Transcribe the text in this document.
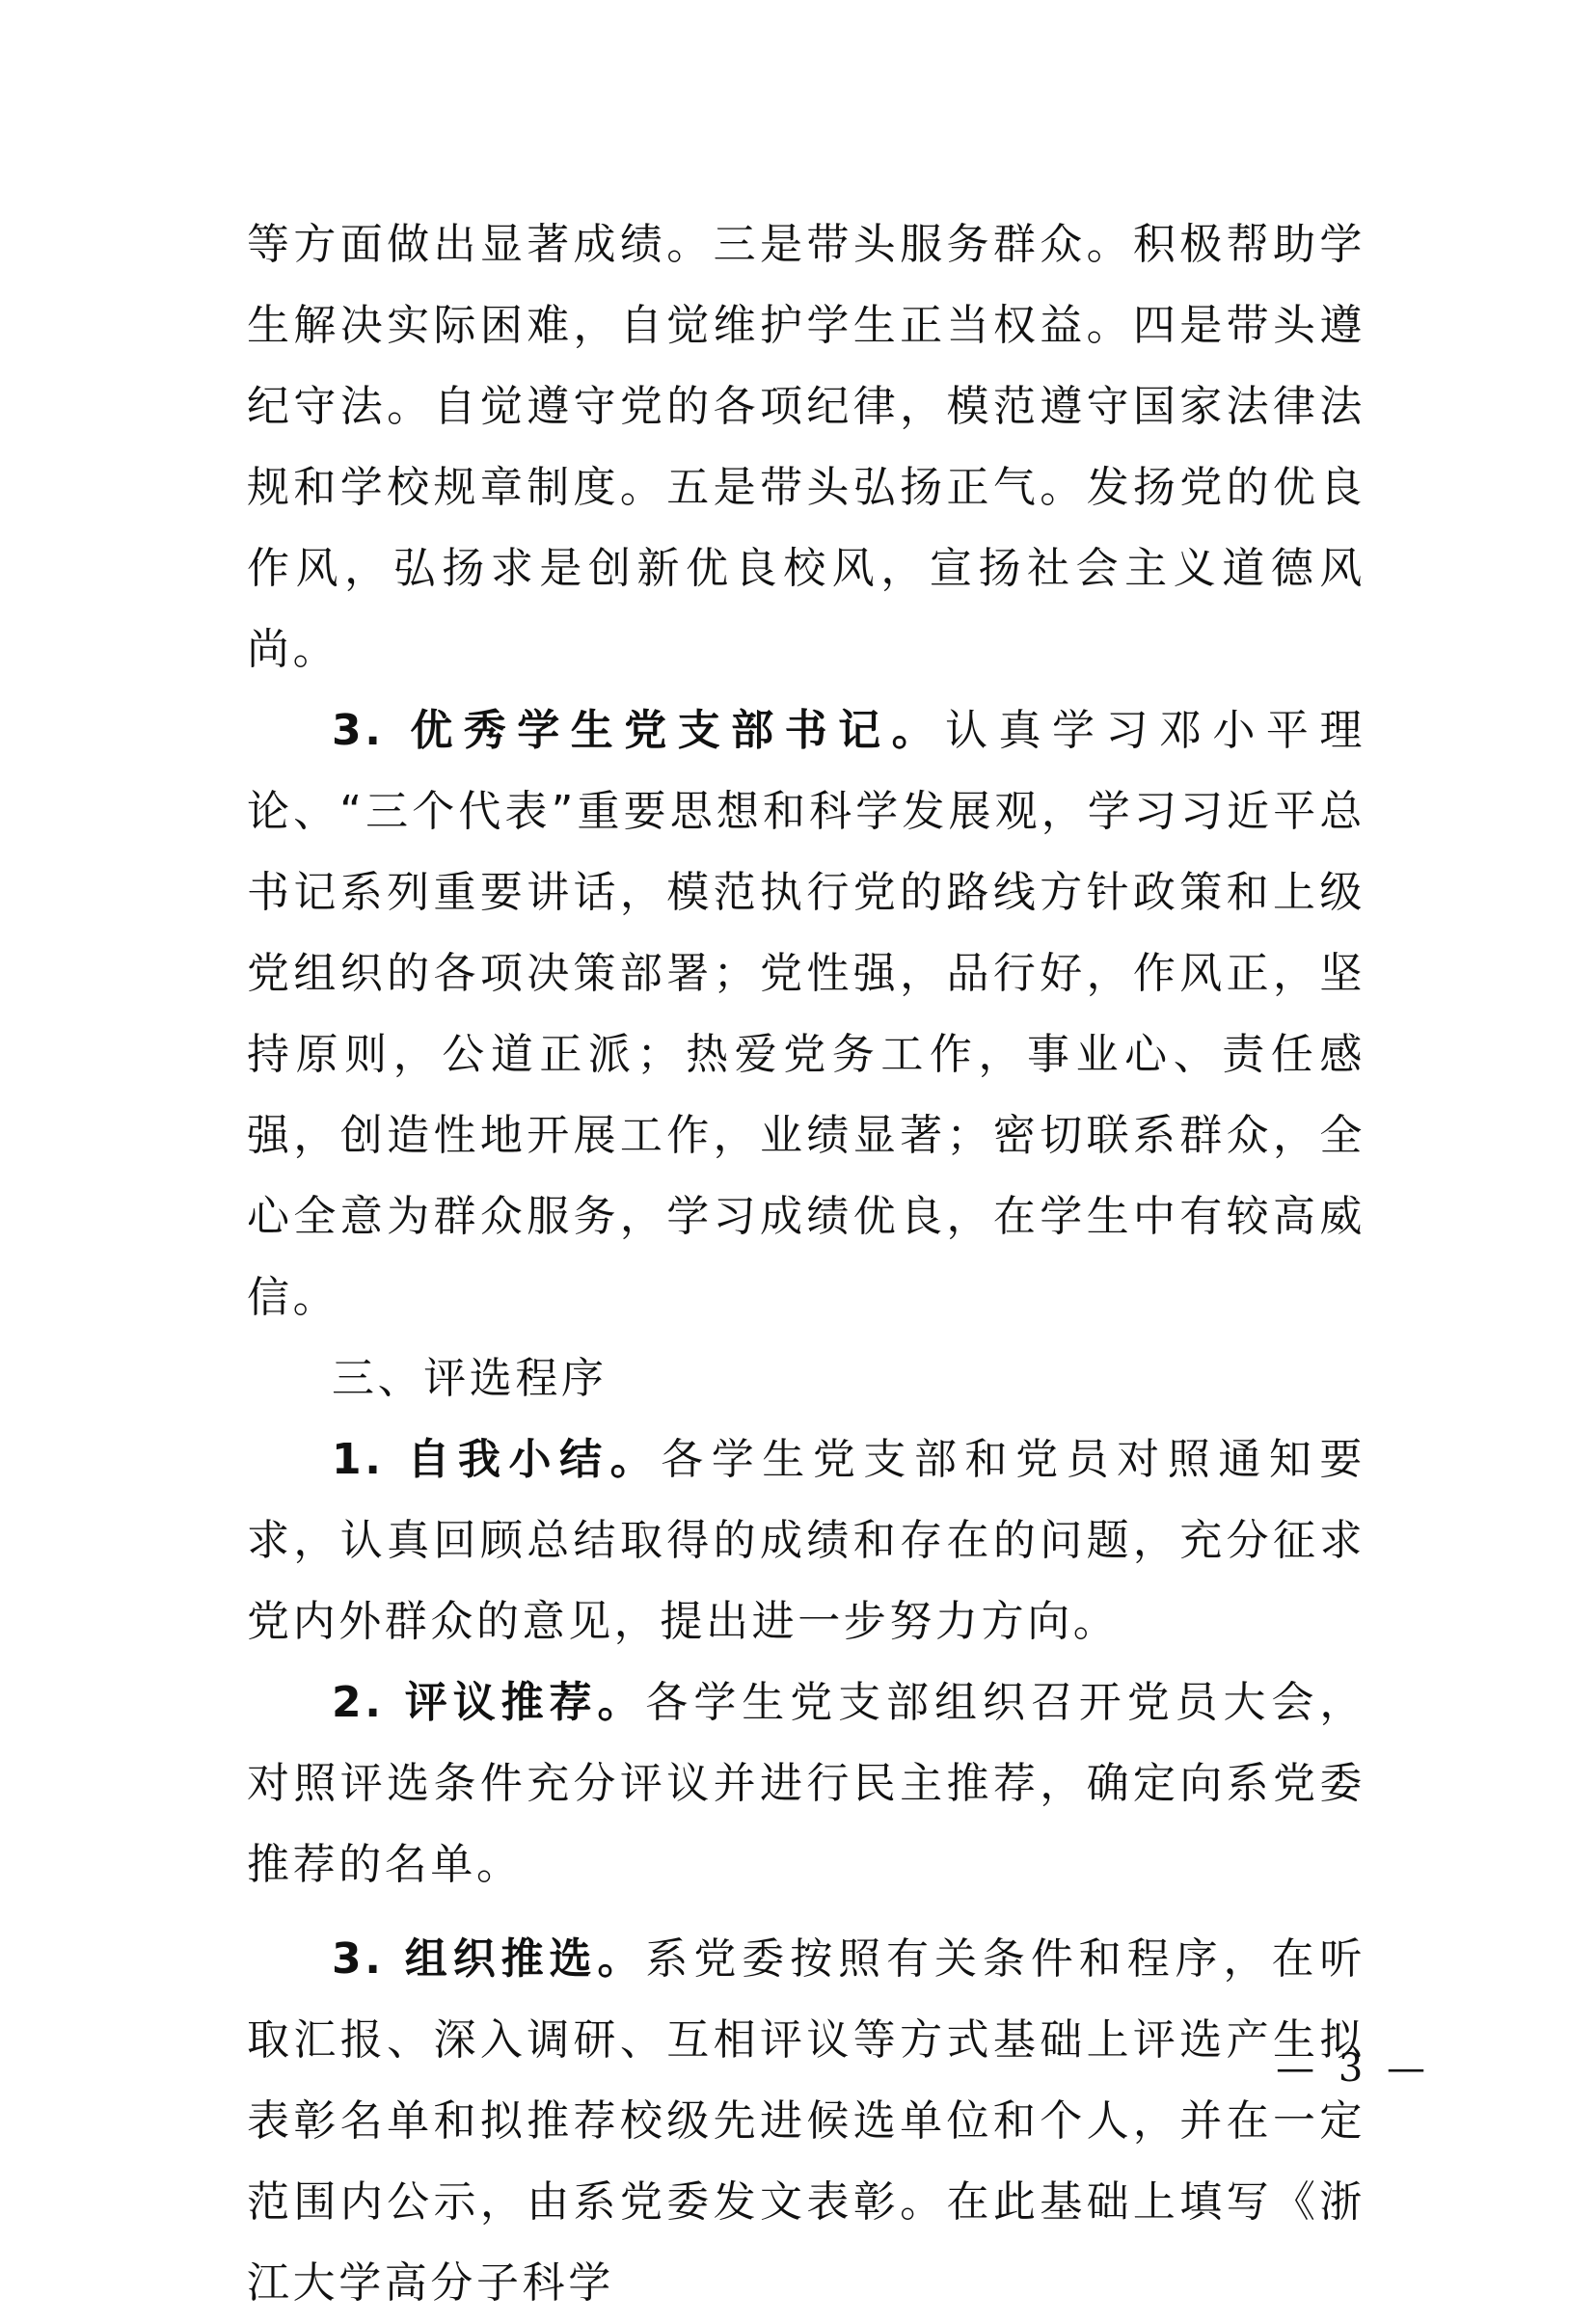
等方面做出显著成绩。三是带头服务群众。积极帮助学生解决实际困难，自觉维护学生正当权益。四是带头遵纪守法。自觉遵守党的各项纪律，模范遵守国家法律法规和学校规章制度。五是带头弘扬正气。发扬党的优良作风，弘扬求是创新优良校风，宣扬社会主义道德风尚。

3. 优秀学生党支部书记。认真学习邓小平理论、“三个代表”重要思想和科学发展观，学习习近平总书记系列重要讲话，模范执行党的路线方针政策和上级党组织的各项决策部署；党性强，品行好，作风正，坚持原则，公道正派；热爱党务工作，事业心、责任感强，创造性地开展工作，业绩显著；密切联系群众，全心全意为群众服务，学习成绩优良，在学生中有较高威信。

三、评选程序

1. 自我小结。各学生党支部和党员对照通知要求，认真回顾总结取得的成绩和存在的问题，充分征求党内外群众的意见，提出进一步努力方向。

2. 评议推荐。各学生党支部组织召开党员大会，对照评选条件充分评议并进行民主推荐，确定向系党委推荐的名单。

3. 组织推选。系党委按照有关条件和程序，在听取汇报、深入调研、互相评议等方式基础上评选产生拟表彰名单和拟推荐校级先进候选单位和个人，并在一定范围内公示，由系党委发文表彰。在此基础上填写《浙江大学高分子科学

— 3 —
